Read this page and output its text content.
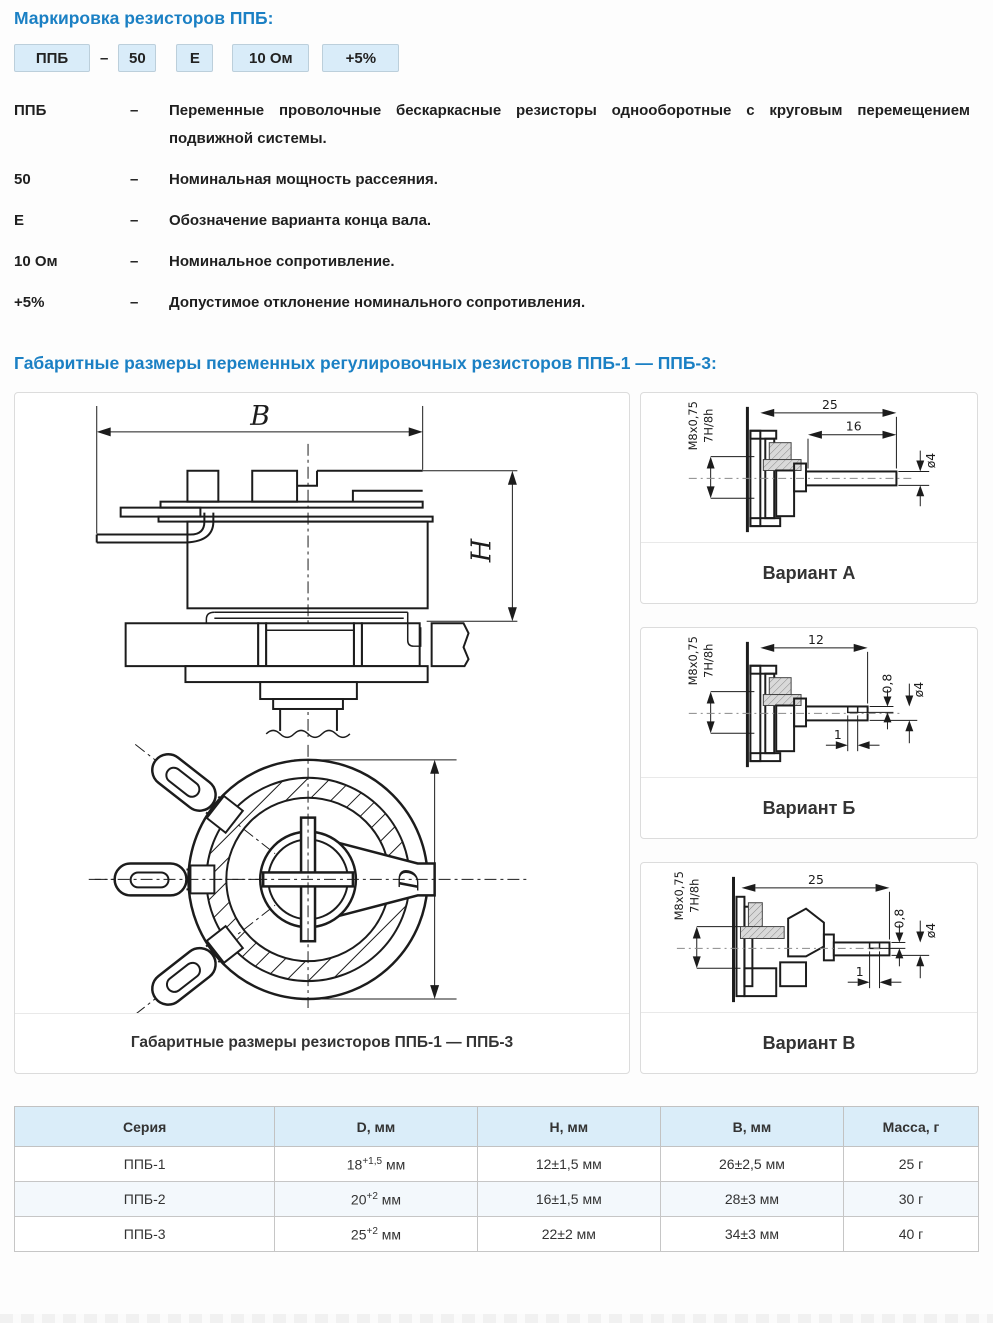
Маркировка резисторов ППБ:
ППБ	–	50	Е	10 Ом	+5%
ППБ	–	Переменные проволочные бескаркасные резисторы однооборотные с круговым перемещением подвижной системы.
50	–	Номинальная мощность рассеяния.
Е	–	Обозначение варианта конца вала.
10 Ом	–	Номинальное сопротивление.
+5%	–	Допустимое отклонение номинального сопротивления.
Габаритные размеры переменных регулировочных резисторов ППБ-1 — ППБ-3:
B
H
D
Габаритные размеры резисторов ППБ-1 — ППБ-3
M8x0,75 7H/8h
25
16
ø4
Вариант А
M8x0,75 7H/8h
12
0,8 ø4
1
Вариант Б
M8x0,75 7H/8h	25
0,8
ø4
1
Вариант В
Серия	D, мм	H, мм	B, мм	Масса, г
ППБ-1	$18^{+1,5}$ мм	12±1,5 мм	26±2,5 мм	25 г
ППБ-2	$20^{+2}$ мм	16±1,5 мм	28±3 мм	30 г
ППБ-3	$25^{+2}$ мм	22±2 мм	34±3 мм	40 г
